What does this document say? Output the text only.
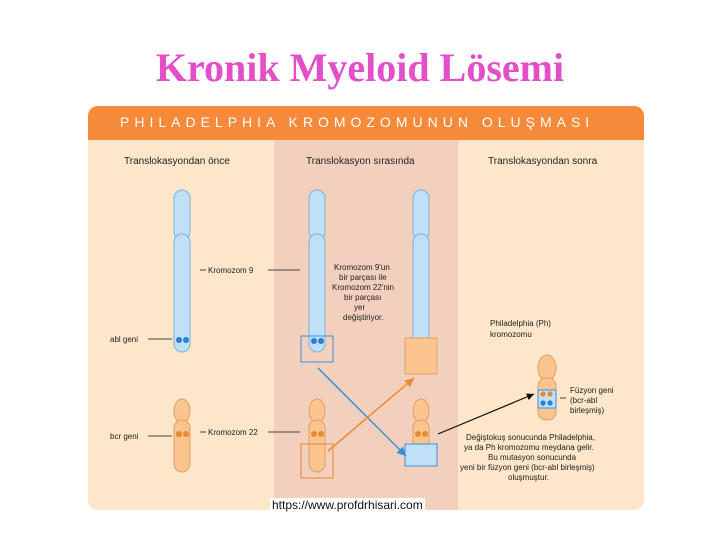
Kronik Myeloid Lösemi
PHILADELPHIA KROMOZOMUNUN OLUŞMASI
Translokasyondan önce	Translokasyon sırasında	Translokasyondan sonra
Kromozom 9
abl geni
Kromozom 22
bcr geni
Kromozom 9'un bir parçası ile Kromozom 22'nin bir parçası yer değiştiriyor.
Philadelphia (Ph) kromozomu
Füzyon geni (bcr-abl birleşmiş)
Değiştokuş sonucunda Philadelphia, ya da Ph kromozomu meydana gelir. Bu mutasyon sonucunda yeni bir füzyon geni (bcr-abl birleşmiş) oluşmuştur.
https://www.profdrhisari.com
